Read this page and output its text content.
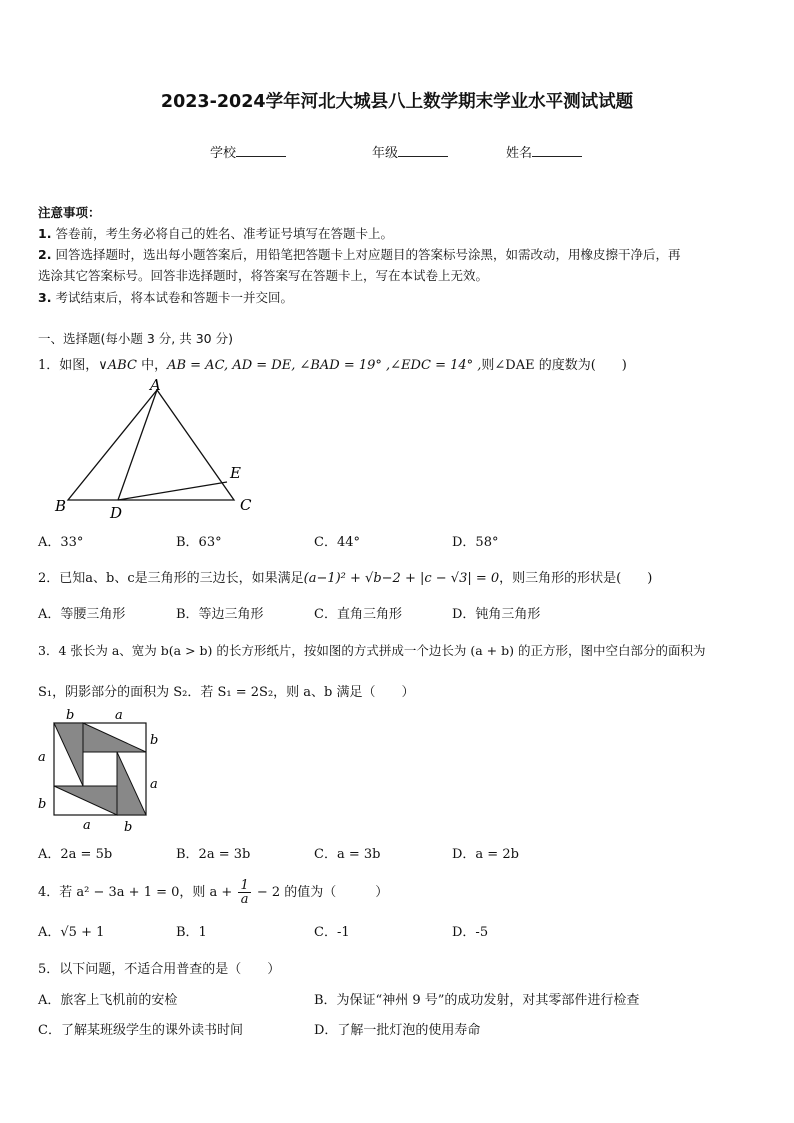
2023-2024学年河北大城县八上数学期末学业水平测试试题
学校	年级	姓名
注意事项：
1. 答卷前，考生务必将自己的姓名、准考证号填写在答题卡上。
2. 回答选择题时，选出每小题答案后，用铅笔把答题卡上对应题目的答案标号涂黑，如需改动，用橡皮擦干净后，再
选涂其它答案标号。回答非选择题时，将答案写在答题卡上，写在本试卷上无效。
3. 考试结束后，将本试卷和答题卡一并交回。
一、选择题(每小题 3 分, 共 30 分)
1．如图，∨ABC 中，AB = AC, AD = DE, ∠BAD = 19° ,∠EDC = 14° ,则∠DAE 的度数为(　　)
A
B	C
D
E
A．33°	B．63°	C．44°	D．58°
2．已知a、b、c是三角形的三边长，如果满足(a−1)² + √b−2 + |c − √3| = 0，则三角形的形状是(　　)
A．等腰三角形	B．等边三角形	C．直角三角形	D．钝角三角形
3．4 张长为 a、宽为 b(a > b) 的长方形纸片，按如图的方式拼成一个边长为 (a + b) 的正方形，图中空白部分的面积为
S₁，阴影部分的面积为 S₂．若 S₁ = 2S₂，则 a、b 满足（　　）
b	a
b
a
a
b
a	b
A．2a = 5b	B．2a = 3b	C．a = 3b	D．a = 2b
4．若 a² − 3a + 1 = 0，则 $a + \frac{1}{a} - 2$ 的值为（　　　）
A．√5 + 1	B．1	C．-1	D．-5
5．以下问题，不适合用普查的是（　　）
A．旅客上飞机前的安检	B．为保证“神州 9 号”的成功发射，对其零部件进行检查
C．了解某班级学生的课外读书时间	D．了解一批灯泡的使用寿命
